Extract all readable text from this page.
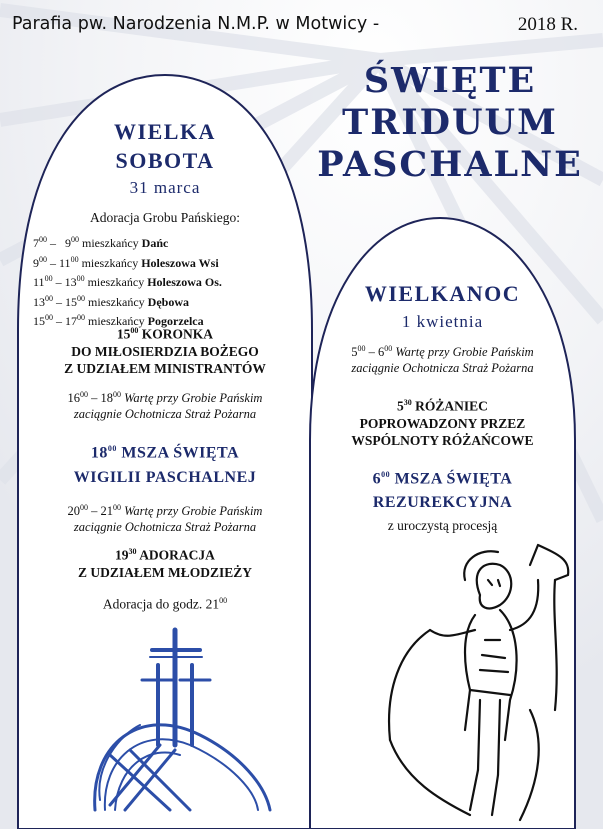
Parafia pw. Narodzenia N.M.P. w Motwicy -	2018 R.
ŚWIĘTE
TRIDUUM
PASCHALNE
WIELKA
SOBOTA
31 marca
Adoracja Grobu Pańskiego:
$7^{00} - 9^{00}$ mieszkańcy Dańc
$9^{00} - 11^{00}$ mieszkańcy Holeszowa Wsi
$11^{00} - 13^{00}$ mieszkańcy Holeszowa Os.
$13^{00} - 15^{00}$ mieszkańcy Dębowa
$15^{00} - 17^{00}$ mieszkańcy Pogorzelca
$15^{00}$ KORONKA
DO MIŁOSIERDZIA BOŻEGO
Z UDZIAŁEM MINISTRANTÓW
$16^{00} - 18^{00}$ Wartę przy Grobie Pańskim
zaciągnie Ochotnicza Straż Pożarna
$18^{00}$ MSZA ŚWIĘTA
WIGILII PASCHALNEJ
$20^{00} - 21^{00}$ Wartę przy Grobie Pańskim
zaciągnie Ochotnicza Straż Pożarna
$19^{30}$ ADORACJA
Z UDZIAŁEM MŁODZIEŻY
Adoracja do godz. $21^{00}$
WIELKANOC
1 kwietnia
$5^{00} - 6^{00}$ Wartę przy Grobie Pańskim
zaciągnie Ochotnicza Straż Pożarna
$5^{30}$ RÓŻANIEC
POPROWADZONY PRZEZ
WSPÓLNOTY RÓŻAŃCOWE
$6^{00}$ MSZA ŚWIĘTA
REZUREKCYJNA
z uroczystą procesją
